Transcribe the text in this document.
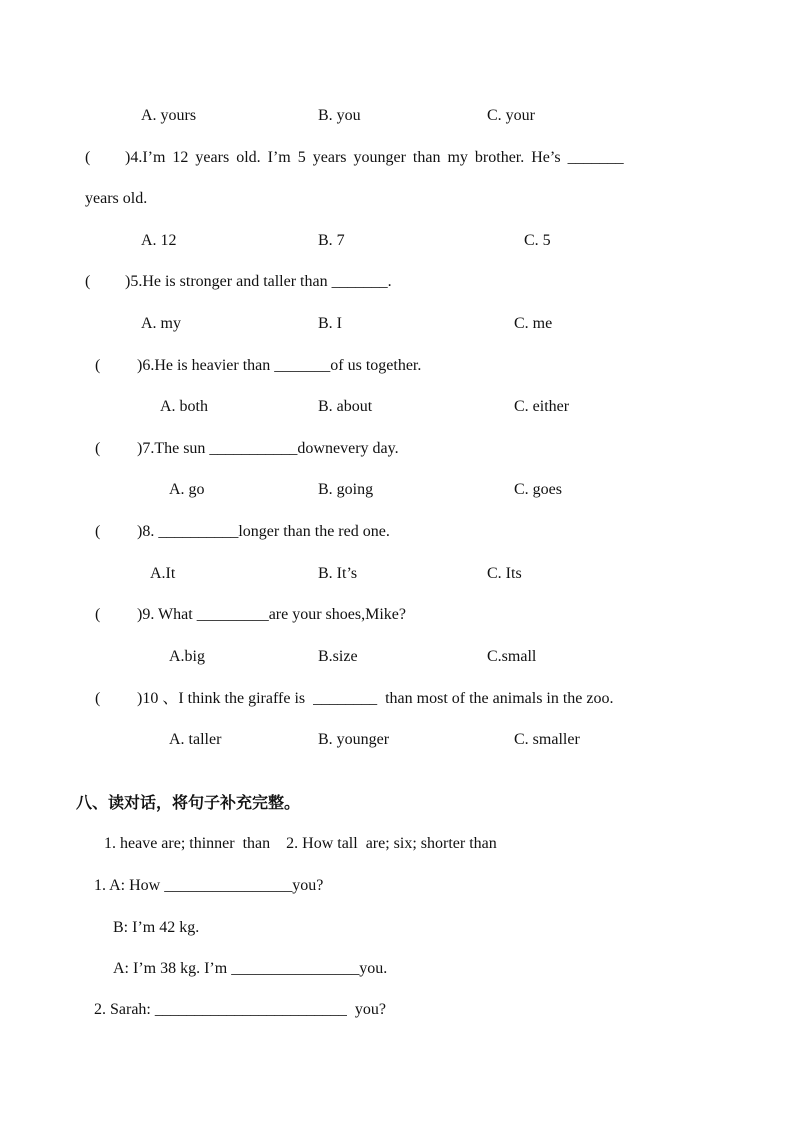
A. yours	B. you	C. your
( )4.I’m 12 years old. I’m 5 years younger than my brother. He’s _______
years old.
A. 12	B. 7	C. 5
( )5.He is stronger and taller than _______.
A. my	B. I	C. me
( )6.He is heavier than _______of us together.
A. both	B. about	C. either
( )7.The sun ___________downevery day.
A. go	B. going	C. goes
( )8. __________longer than the red one.
A.It	B. It’s	C. Its
( )9. What _________are your shoes,Mike?
A.big	B.size	C.small
( )10 、I think the giraffe is  ________  than most of the animals in the zoo.
A. taller	B. younger	C. smaller
八、读对话，将句子补充完整。
1. heave are; thinner  than    2. How tall  are; six; shorter than
1. A: How ________________you?
B: I’m 42 kg.
A: I’m 38 kg. I’m ________________you.
2. Sarah: ________________________  you?
